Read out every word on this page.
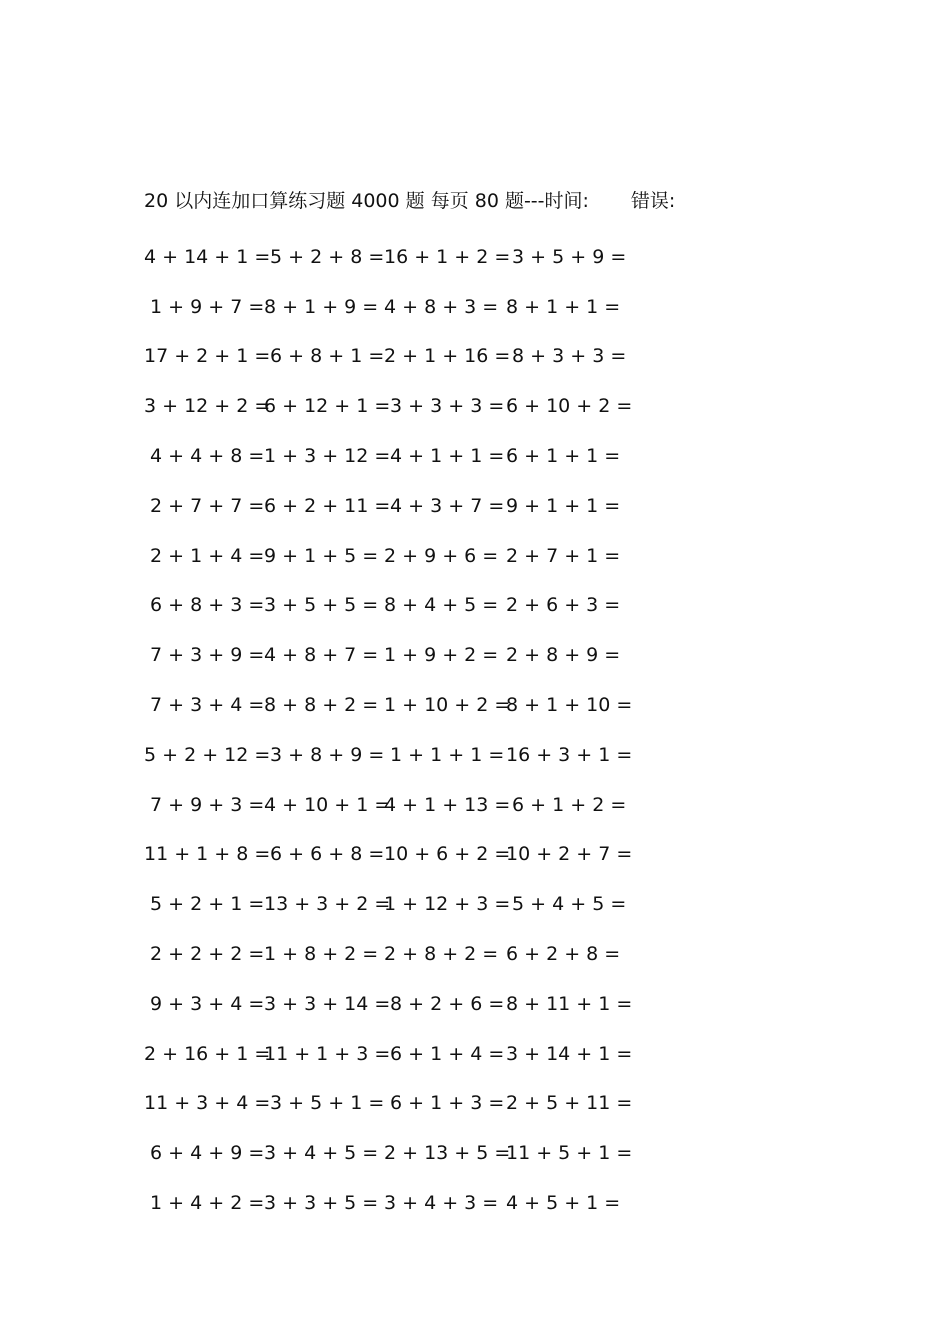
20 以内连加口算练习题 4000 题 每页 80 题---时间: 错误:
4 + 14 + 1 =
5 + 2 + 8 = 16 + 1 + 2 =
3 + 5 + 9 =
1 + 9 + 7 = 8 + 1 + 9 = 4 + 8 + 3 = 8 + 1 + 1 =
17 + 2 + 1 =
6 + 8 + 1 = 2 + 1 + 16 =
8 + 3 + 3 =
3 + 12 + 2 =
6 + 12 + 1 =
3 + 3 + 3 = 6 + 10 + 2 =
4 + 4 + 8 = 1 + 3 + 12 =
4 + 1 + 1 = 6 + 1 + 1 =
2 + 7 + 7 = 6 + 2 + 11 =
4 + 3 + 7 = 9 + 1 + 1 =
2 + 1 + 4 = 9 + 1 + 5 = 2 + 9 + 6 = 2 + 7 + 1 =
6 + 8 + 3 = 3 + 5 + 5 = 8 + 4 + 5 = 2 + 6 + 3 =
7 + 3 + 9 = 4 + 8 + 7 = 1 + 9 + 2 = 2 + 8 + 9 =
7 + 3 + 4 = 8 + 8 + 2 = 1 + 10 + 2 =
8 + 1 + 10 =
5 + 2 + 12 =
3 + 8 + 9 = 1 + 1 + 1 = 16 + 3 + 1 =
7 + 9 + 3 = 4 + 10 + 1 =
4 + 1 + 13 =
6 + 1 + 2 =
11 + 1 + 8 =
6 + 6 + 8 = 10 + 6 + 2 =
10 + 2 + 7 =
5 + 2 + 1 = 13 + 3 + 2 =
1 + 12 + 3 =
5 + 4 + 5 =
2 + 2 + 2 = 1 + 8 + 2 = 2 + 8 + 2 = 6 + 2 + 8 =
9 + 3 + 4 = 3 + 3 + 14 =
8 + 2 + 6 = 8 + 11 + 1 =
2 + 16 + 1 =
11 + 1 + 3 =
6 + 1 + 4 = 3 + 14 + 1 =
11 + 3 + 4 =
3 + 5 + 1 = 6 + 1 + 3 = 2 + 5 + 11 =
6 + 4 + 9 = 3 + 4 + 5 = 2 + 13 + 5 =
11 + 5 + 1 =
1 + 4 + 2 = 3 + 3 + 5 = 3 + 4 + 3 = 4 + 5 + 1 =
